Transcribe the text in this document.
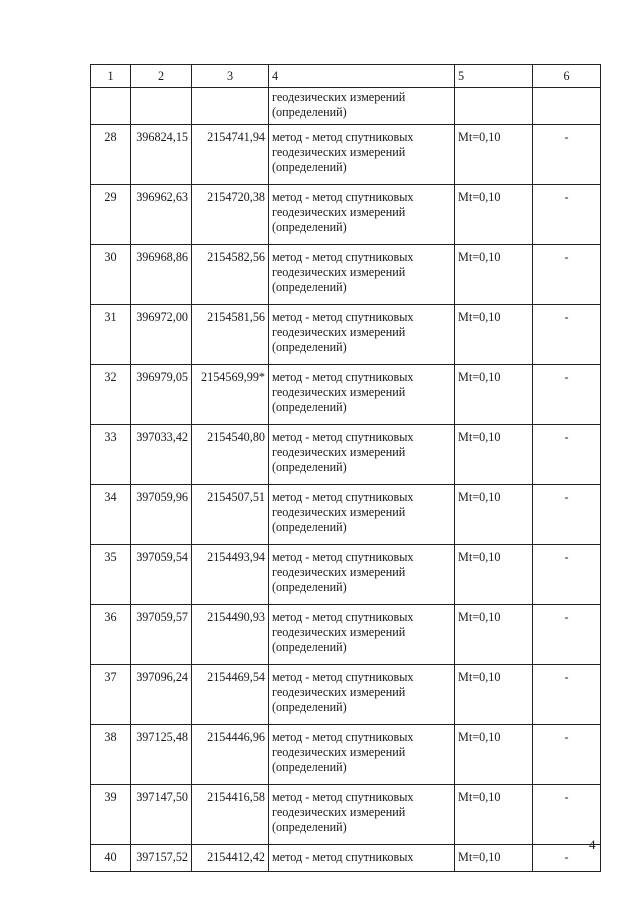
1	2	3	4	5	6
			геодезических измерений (определений)		
28	396824,15	2154741,94	метод - метод спутниковых геодезических измерений (определений)	Mt=0,10	-
29	396962,63	2154720,38	метод - метод спутниковых геодезических измерений (определений)	Mt=0,10	-
30	396968,86	2154582,56	метод - метод спутниковых геодезических измерений (определений)	Mt=0,10	-
31	396972,00	2154581,56	метод - метод спутниковых геодезических измерений (определений)	Mt=0,10	-
32	396979,05	2154569,99*	метод - метод спутниковых геодезических измерений (определений)	Mt=0,10	-
33	397033,42	2154540,80	метод - метод спутниковых геодезических измерений (определений)	Mt=0,10	-
34	397059,96	2154507,51	метод - метод спутниковых геодезических измерений (определений)	Mt=0,10	-
35	397059,54	2154493,94	метод - метод спутниковых геодезических измерений (определений)	Mt=0,10	-
36	397059,57	2154490,93	метод - метод спутниковых геодезических измерений (определений)	Mt=0,10	-
37	397096,24	2154469,54	метод - метод спутниковых геодезических измерений (определений)	Mt=0,10	-
38	397125,48	2154446,96	метод - метод спутниковых геодезических измерений (определений)	Mt=0,10	-
39	397147,50	2154416,58	метод - метод спутниковых геодезических измерений (определений)	Mt=0,10	-
40	397157,52	2154412,42	метод - метод спутниковых	Mt=0,10	-
4
